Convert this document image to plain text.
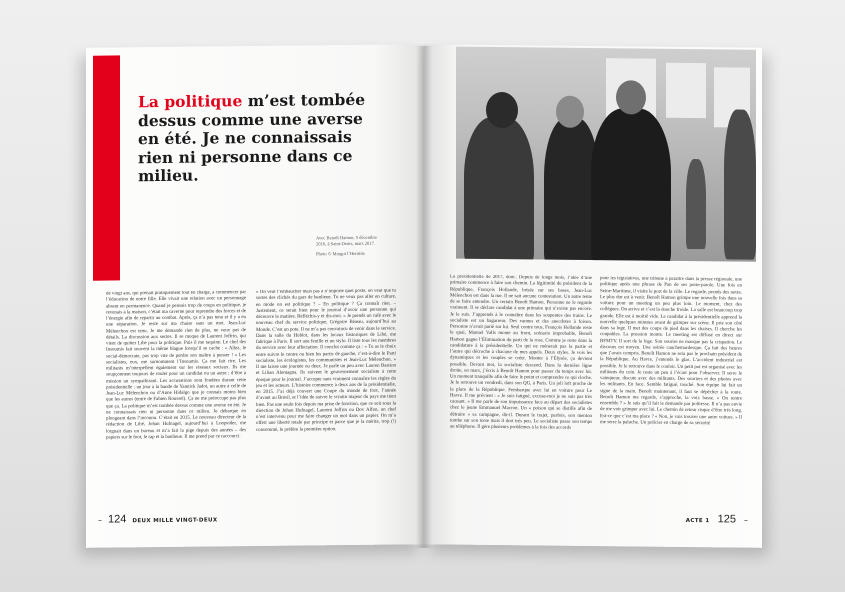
La politique m’est tombée dessus comme une averse en été. Je ne connaissais rien ni personne dans ce milieu.
Avec Benoît Hamon, 5 décembre 2016, à Saint-Denis, mars 2017.
Photo © Margot l’Hermite

de vingt ans, qui prenait pratiquement tout en charge, à commencer par l’éducation de notre fille. Elle vivait une relation avec un personnage absent en permanence. Quand je pensais trop de coups en politique, je revenais à la maison, c’était ma caverne pour reprendre des forces et de l’énergie afin de repartir au combat. Après, ça n’a pas tenu et il y a eu une séparation. Je reste sur ma chaise sans un mot. Jean-Luc Mélenchon est tenu. Je me demande rien de plus, ne veux pas de détails. La discussion aux sectes. Il se moque de Laurent Joffrin, qui vient de quitter Libé pour la politique. Puis il me taquine. Le chef des Insoumis fait souvent la même blague lorsqu’il se cache : « Allez, le social-démocrate, pas trop vite de perdre son maître à penser ! » Les socialistes, eux, me surnomment l’Insoumis. Ça me fait rire. Les militants m’interpellent également sur les réseaux sociaux. Ils me soupçonnent toujours de rouler pour un candidat ou un autre ; d’être à mission un sympathisant. Les accusations sont fondées durant cette présidentielle : un jour à la bande de Yannick Jadot, un autre à celle de Jean-Luc Mélenchon ou d’Anne Hidalgo que je connais moins bien que les autres (entre de Fabien Roussel). Ça ne me préoccupe pas plus que ça. La politique m’est tombée dessus comme une averse en été. Je ne connaissais rien ni personne dans ce milieu. Je débarque en plongeant dans l’inconnu. C’était en 2015. Le nouveau directeur de la rédaction de Libé, Johan Hufnagel, aujourd’hui à Loopsider, me lorgnait dans un bureau et m’a fait la pige depuis des années – des papiers sur le foot, le rap et la banlieue. Il me prend par ce raccourci.

« On veut t’embaucher mais pas à n’importe quel poste, on veut que tu sortes des clichés du gars de banlieue. Tu ne veux pas aller en culture, en mode on est politique ? – En politique ? Ça connaît rien. – Justement, ce serait bien pour le journal d’avoir une personne qui découvre la matière. Réfléchis-y et dis-moi. » Je prends un café avec le nouveau chef du service politique, Grégoire Biseau, aujourd’hui au Monde. C’est un pote. Il ne m’a pas convaincu de venir dans le service. Dans la salle du Hublot, dans les locaux historiques de Libé, me fabrique à Paris. Il sort une feuille et un stylo. Il liste tous les membres du service avec leur affectation. Il conclut comme ça : « Tu as le choix entre suivre le centre ou bien les partis de gauche, c’est-à-dire le Parti socialiste, les écologistes, les communistes et Jean-Luc Mélenchon. » Il me laisse une journée ou deux. Je parle un peu avec Lauren Bastion et Lilian Alemagna. Ils suivent le gouvernement socialiste à cette époque pour le journal. J’accepte sans vraiment connaître les règles du jeu et les acteurs. L’histoire commence à deux ans de la présidentielle, en 2015. J’ai déjà couvert une Coupe du monde de foot, l’année d’avant au Brésil, et l’idée de suivre le scrutin majeur du pays me tient bien. Pas une seule fois depuis ma prise de fonction, que ce soit sous la direction de Johan Hufnagel, Laurent Joffrin ou Dov Alfon, un chef n’est intervenu pour me faire changer un mot dans un papier. On m’a offert une liberté totale par principe et parce que je la mérite, trop (!) consommé, le préfère la première option.

– 124 DEUX MILLE VINGT-DEUX

La présidentielle de 2017, donc. Depuis de longs mois, l’idée d’une primaire commence à faire son chemin. La légitimité du président de la République, François Hollande, brisée sur ses bases, Jean-Luc Mélenchon est dans la rue. Il ne sait aucune contestation. Un autre tente de se faire entendre. Un certain Benoît Hamon. Personne ne le regarde vraiment. Il se déclare candidat à une primaire qui n’existe pas encore. Je le suis. J’apprends à le connaître dans les soupentes des trains. Le socialiste est un bagarreur. Des vannes et des anecdotes à foison. Personne n’avait parié sur lui. Seul contre tous, François Hollande reste le quai, Manuel Valls monte au front, scénario improbable, Benoît Hamon gagne l’Élimination du parti de la rose. Comme je reste dans la candidature à la présidentielle. Un qui ne ménerait pas la partie et l’autre qui décroche à chacune de mes appels. Deux styles. Je vois les dynamiques et les couples se créer. Monter à l’Élysée, ça devient possible. Devant moi, la socialiste descend. Dans la dernière ligne droite, en mars, j’écris à Benoît Hamon pour passer du temps avec lui. Un moment tranquille afin de faire le point et comprendre ce qui cloche. Je le retrouve un vendredi, dans son QG, à Paris. Un joli loft proche de la place de la République. Fembarque avec lui en voiture pour Le Havre. Il me prévient : « Je suis fatigué, excuse-moi je ne suis pas très causant. » Il me parle de son impuissance face au départ des socialistes chez le jeune Emmanuel Macron. Un « poison qui se distille afin de détruire » sa campagne, dit-il. Durant le trajet, parfois, son menton tombe sur son torse mais il dort très peu. Le socialiste passe son temps au téléphone. Il gère plusieurs problèmes à la fois des accords

pour les législatives, une tribune à paraître dans la presse régionale, une politique après une phrase de Pan de ses porte-parole. Une fois en Seine-Maritime, il visite le port de la ville. Le regarde, prends des notes. Le plus dur est à venir. Benoît Hamon grimpe une nouvelle fois dans sa voiture pour un meeting un peu plus loin. Le moment, chez des collègues. On arrive et c’est la douche froide. La salle est beaucoup trop grande. Elle est à moitié vide. Le candidat à la présidentielle apprend la nouvelle quelques minutes avant de grimper sur scène. Il prie son côté dans sa loge. Il met des coups de pied dans les chaises. Il cherche les coupables. La pression monte. Le meeting est diffusé en direct sur BFMTV. Il sort de la loge. Son sourire ne masque pas la crispation. Le discours est moyen. Une soirée cauchemardesque. Ça fait des heures que j’avais compris. Benoît Hamon ne sera pas le prochain président de la République. Au Havre, j’entends le glas. L’accident industriel est possible. Je le retrouve dans le couloir. Un petit pot est organisé avec les militants du coin. Je reste un peu à l’écart pour l’observer. Il serre le vainqueur, discute avec des militants. Des sourires et des photos avec les militants. En face. Semble fatigué, touché. Son équipe lui fait un signe de la main. Benoît maintenant, il faut se dépêcher à la route. Benoît Hamon me regarde, s’approche, la voix basse. « On rentre ensemble ? » Je suis qu’il fait le demande par politesse. Il n’a pas envie de me voir grimper avec lui. Le chemin de retour risque d’être très long. Est-ce que c’est ma place ? « Non, je vais trouver une autre voiture. » Il me serre la paluche. Un policier en charge de sa sécurité

ACTE 1 125 –
